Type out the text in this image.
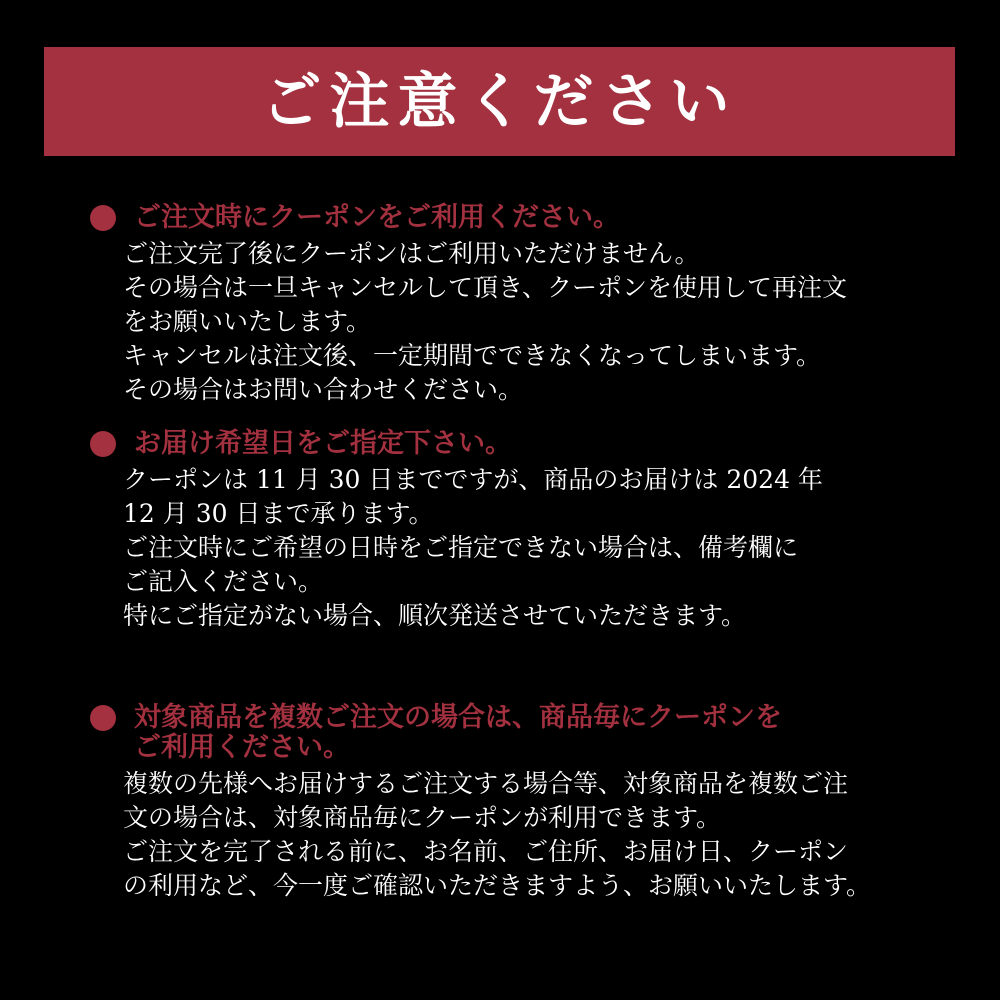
ご注意ください
ご注文時にクーポンをご利用ください。
ご注文完了後にクーポンはご利用いただけません。
その場合は一旦キャンセルして頂き、クーポンを使用して再注文
をお願いいたします。
キャンセルは注文後、一定期間でできなくなってしまいます。
その場合はお問い合わせください。
お届け希望日をご指定下さい。
クーポンは 11 月 30 日までですが、商品のお届けは 2024 年
12 月 30 日まで承ります。
ご注文時にご希望の日時をご指定できない場合は、備考欄に
ご記入ください。
特にご指定がない場合、順次発送させていただきます。
対象商品を複数ご注文の場合は、商品毎にクーポンを
ご利用ください。
複数の先様へお届けするご注文する場合等、対象商品を複数ご注
文の場合は、対象商品毎にクーポンが利用できます。
ご注文を完了される前に、お名前、ご住所、お届け日、クーポン
の利用など、今一度ご確認いただきますよう、お願いいたします。
